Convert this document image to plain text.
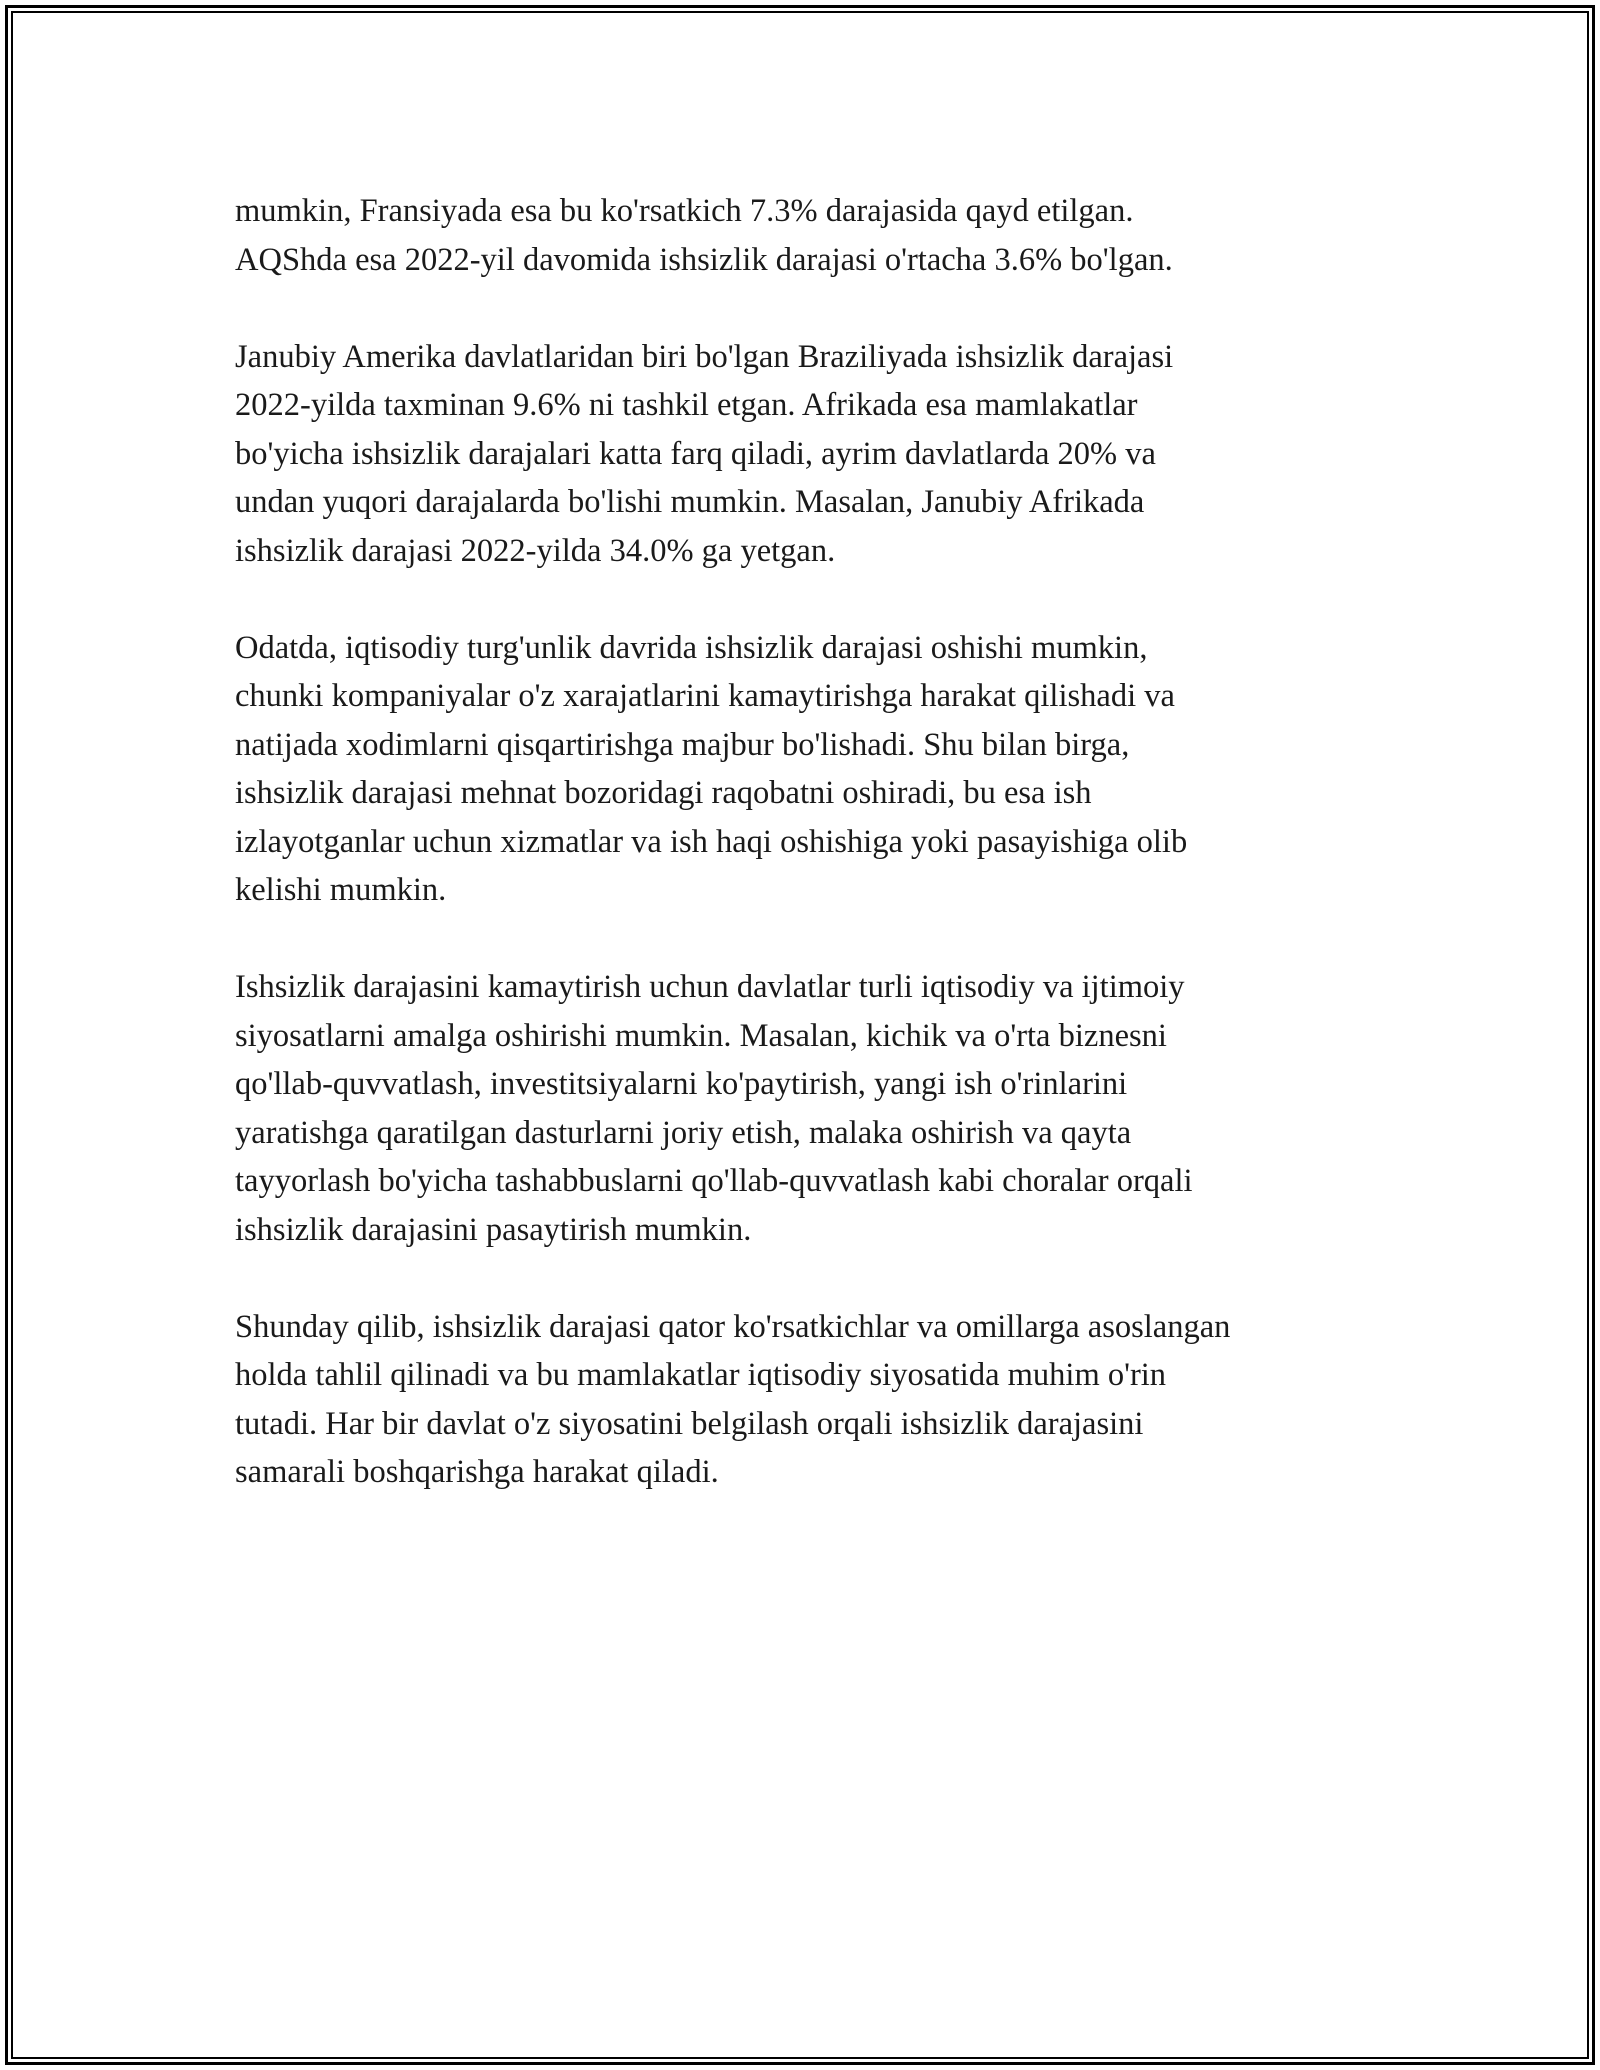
mumkin, Fransiyada esa bu ko'rsatkich 7.3% darajasida qayd etilgan.
AQShda esa 2022-yil davomida ishsizlik darajasi o'rtacha 3.6% bo'lgan.

Janubiy Amerika davlatlaridan biri bo'lgan Braziliyada ishsizlik darajasi
2022-yilda taxminan 9.6% ni tashkil etgan. Afrikada esa mamlakatlar
bo'yicha ishsizlik darajalari katta farq qiladi, ayrim davlatlarda 20% va
undan yuqori darajalarda bo'lishi mumkin. Masalan, Janubiy Afrikada
ishsizlik darajasi 2022-yilda 34.0% ga yetgan.

Odatda, iqtisodiy turg'unlik davrida ishsizlik darajasi oshishi mumkin,
chunki kompaniyalar o'z xarajatlarini kamaytirishga harakat qilishadi va
natijada xodimlarni qisqartirishga majbur bo'lishadi. Shu bilan birga,
ishsizlik darajasi mehnat bozoridagi raqobatni oshiradi, bu esa ish
izlayotganlar uchun xizmatlar va ish haqi oshishiga yoki pasayishiga olib
kelishi mumkin.

Ishsizlik darajasini kamaytirish uchun davlatlar turli iqtisodiy va ijtimoiy
siyosatlarni amalga oshirishi mumkin. Masalan, kichik va o'rta biznesni
qo'llab-quvvatlash, investitsiyalarni ko'paytirish, yangi ish o'rinlarini
yaratishga qaratilgan dasturlarni joriy etish, malaka oshirish va qayta
tayyorlash bo'yicha tashabbuslarni qo'llab-quvvatlash kabi choralar orqali
ishsizlik darajasini pasaytirish mumkin.

Shunday qilib, ishsizlik darajasi qator ko'rsatkichlar va omillarga asoslangan
holda tahlil qilinadi va bu mamlakatlar iqtisodiy siyosatida muhim o'rin
tutadi. Har bir davlat o'z siyosatini belgilash orqali ishsizlik darajasini
samarali boshqarishga harakat qiladi.
